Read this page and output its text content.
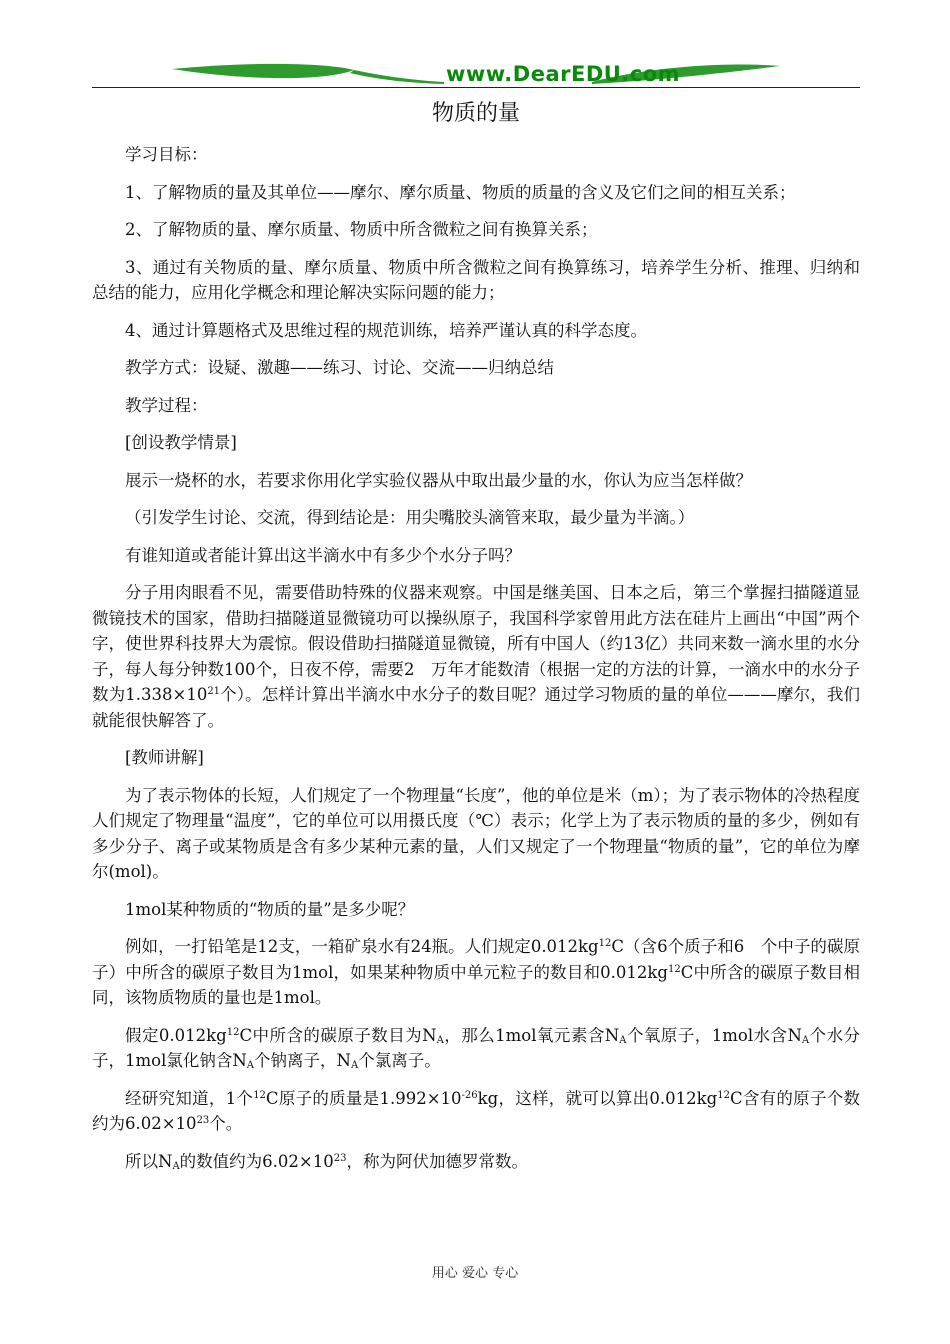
www.DearEDU.com
物质的量

学习目标：

1、了解物质的量及其单位——摩尔、摩尔质量、物质的质量的含义及它们之间的相互关系；

2、了解物质的量、摩尔质量、物质中所含微粒之间有换算关系；

3、通过有关物质的量、摩尔质量、物质中所含微粒之间有换算练习，培养学生分析、推理、归纳和总结的能力，应用化学概念和理论解决实际问题的能力；

4、通过计算题格式及思维过程的规范训练，培养严谨认真的科学态度。

教学方式：设疑、激趣——练习、讨论、交流——归纳总结

教学过程：

[创设教学情景]

展示一烧杯的水，若要求你用化学实验仪器从中取出最少量的水，你认为应当怎样做？

（引发学生讨论、交流，得到结论是：用尖嘴胶头滴管来取，最少量为半滴。）

有谁知道或者能计算出这半滴水中有多少个水分子吗？

分子用肉眼看不见，需要借助特殊的仪器来观察。中国是继美国、日本之后，第三个掌握扫描隧道显微镜技术的国家，借助扫描隧道显微镜功可以操纵原子，我国科学家曾用此方法在硅片上画出“中国”两个字，使世界科技界大为震惊。假设借助扫描隧道显微镜，所有中国人（约13亿）共同来数一滴水里的水分子，每人每分钟数100个，日夜不停，需要2　万年才能数清（根据一定的方法的计算，一滴水中的水分子数为$1.338\times 10^{21}$个）。怎样计算出半滴水中水分子的数目呢？通过学习物质的量的单位———摩尔，我们就能很快解答了。

[教师讲解]

为了表示物体的长短，人们规定了一个物理量“长度”，他的单位是米（m）；为了表示物体的冷热程度人们规定了物理量“温度”，它的单位可以用摄氏度（℃）表示；化学上为了表示物质的量的多少，例如有多少分子、离子或某物质是含有多少某种元素的量，人们又规定了一个物理量“物质的量”，它的单位为摩尔(mol)。

1mol某种物质的“物质的量”是多少呢？

例如，一打铅笔是12支，一箱矿泉水有24瓶。人们规定$0.012kg^{12}C$（含6个质子和6　个中子的碳原子）中所含的碳原子数目为1mol，如果某种物质中单元粒子的数目和$0.012kg^{12}C$中所含的碳原子数目相同，该物质物质的量也是1mol。

假定$0.012kg^{12}C$中所含的碳原子数目为$N_A$，那么1mol氧元素含$N_A$个氧原子，1mol水含$N_A$个水分子，1mol氯化钠含$N_A$个钠离子，$N_A$个氯离子。

经研究知道，1个$^{12}$C原子的质量是$1.992\times 10^{-26}kg$，这样，就可以算出$0.012kg^{12}C$含有的原子个数约为$6.02\times 10^{23}$个。

所以$N_A$的数值约为$6.02\times 10^{23}$，称为阿伏加德罗常数。

用心 爱心 专心
